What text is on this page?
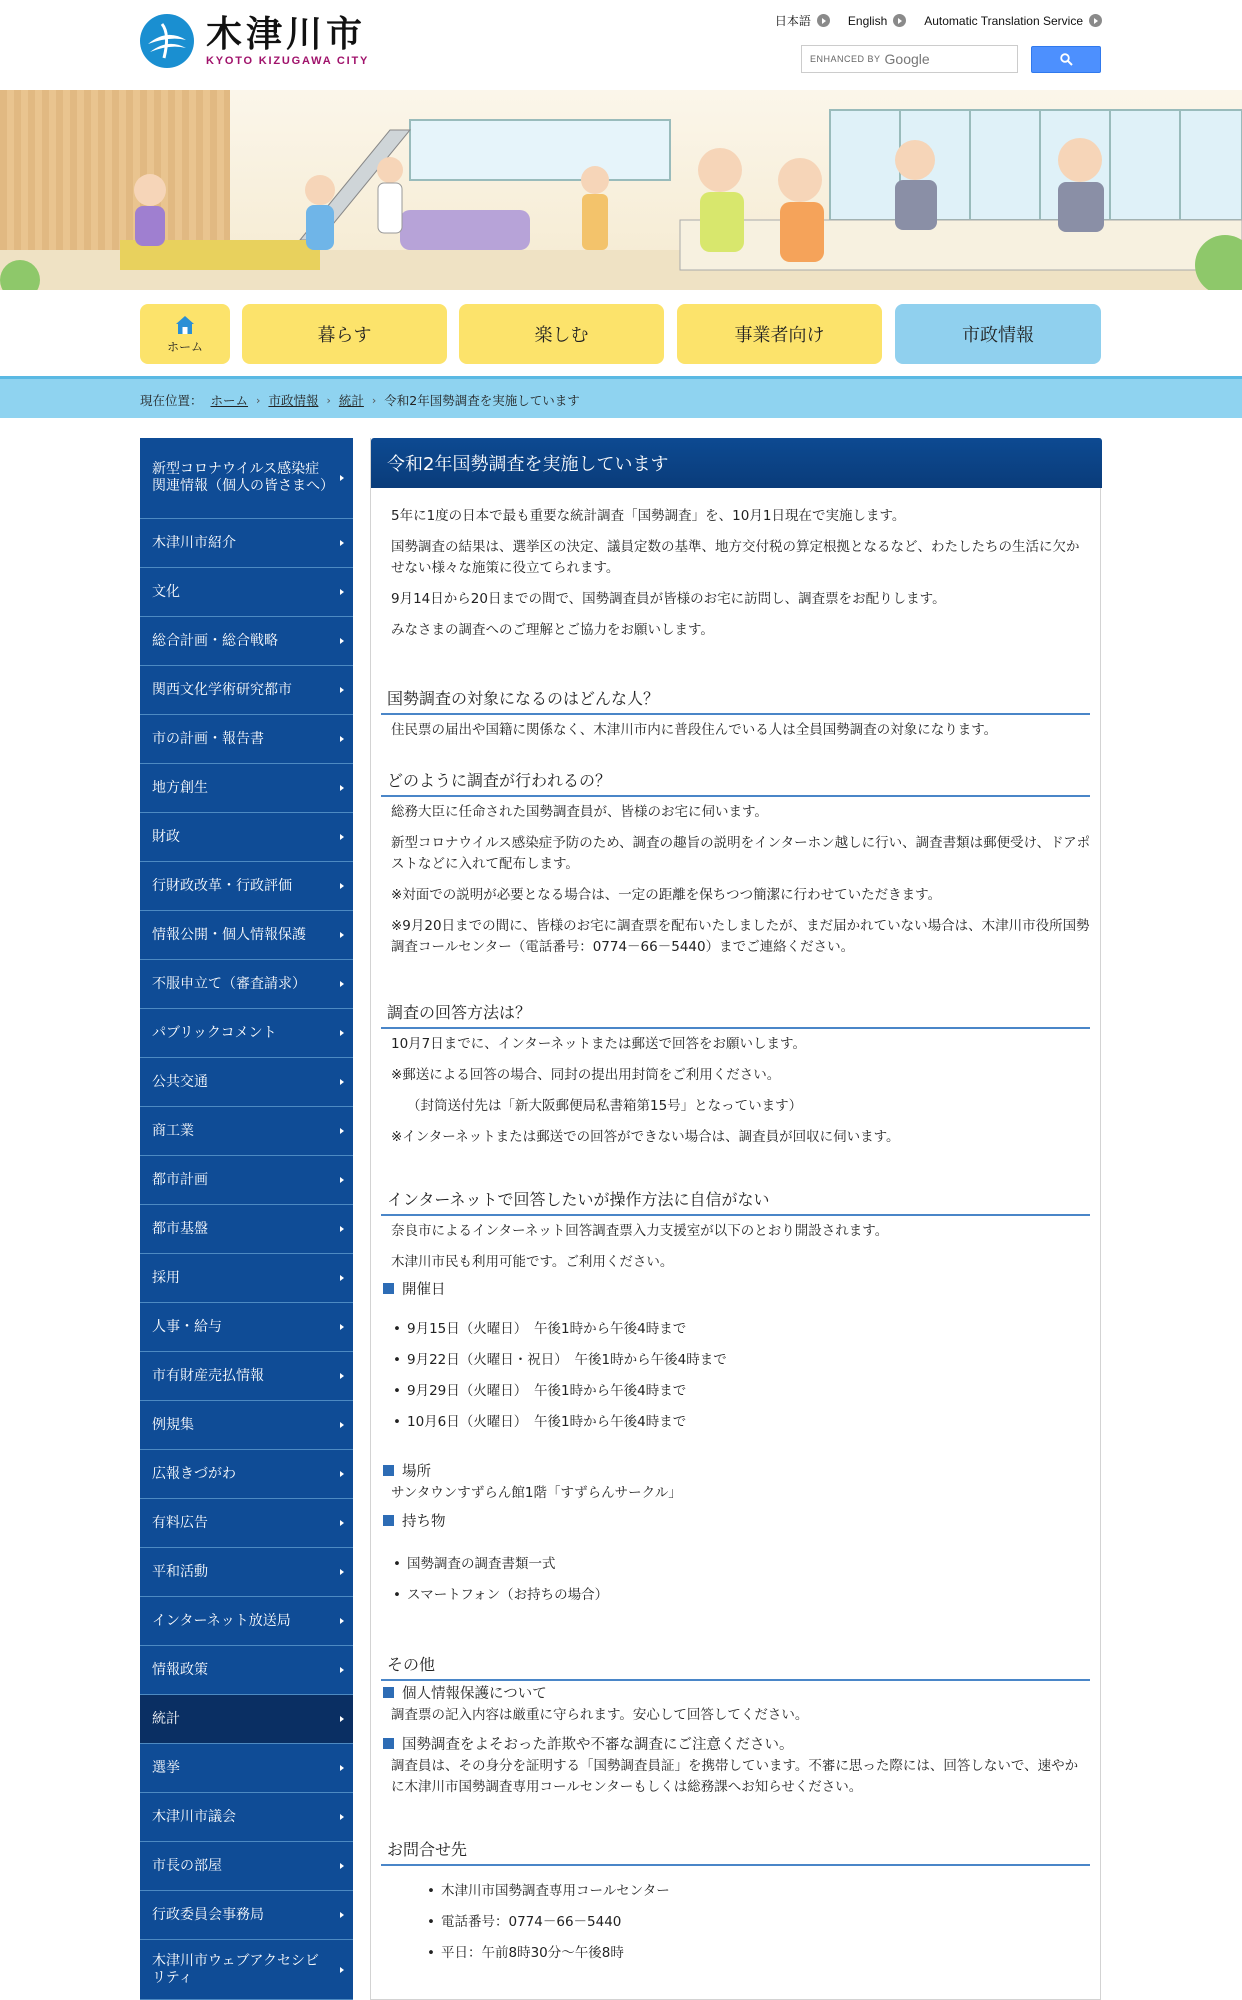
木津川市
KYOTO KIZUGAWA CITY
日本語	English	Automatic Translation Service
ENHANCED BY Google
ホーム
暮らす	楽しむ	事業者向け	市政情報
現在位置： ホーム › 市政情報 › 統計 › 令和2年国勢調査を実施しています
新型コロナウイルス感染症関連情報（個人の皆さまへ）
木津川市紹介
文化
総合計画・総合戦略
関西文化学術研究都市
市の計画・報告書
地方創生
財政
行財政改革・行政評価
情報公開・個人情報保護
不服申立て（審査請求）
パブリックコメント
公共交通
商工業
都市計画
都市基盤
採用
人事・給与
市有財産売払情報
例規集
広報きづがわ
有料広告
平和活動
インターネット放送局
情報政策
統計
選挙
木津川市議会
市長の部屋
行政委員会事務局
木津川市ウェブアクセシビリティ
令和2年国勢調査を実施しています
5年に1度の日本で最も重要な統計調査「国勢調査」を、10月1日現在で実施します。
国勢調査の結果は、選挙区の決定、議員定数の基準、地方交付税の算定根拠となるなど、わたしたちの生活に欠かせない様々な施策に役立てられます。
9月14日から20日までの間で、国勢調査員が皆様のお宅に訪問し、調査票をお配りします。
みなさまの調査へのご理解とご協力をお願いします。
国勢調査の対象になるのはどんな人？
住民票の届出や国籍に関係なく、木津川市内に普段住んでいる人は全員国勢調査の対象になります。
どのように調査が行われるの？
総務大臣に任命された国勢調査員が、皆様のお宅に伺います。
新型コロナウイルス感染症予防のため、調査の趣旨の説明をインターホン越しに行い、調査書類は郵便受け、ドアポストなどに入れて配布します。
※対面での説明が必要となる場合は、一定の距離を保ちつつ簡潔に行わせていただきます。
※9月20日までの間に、皆様のお宅に調査票を配布いたしましたが、まだ届かれていない場合は、木津川市役所国勢調査コールセンター（電話番号：0774－66－5440）までご連絡ください。
調査の回答方法は？
10月7日までに、インターネットまたは郵送で回答をお願いします。
※郵送による回答の場合、同封の提出用封筒をご利用ください。
（封筒送付先は「新大阪郵便局私書箱第15号」となっています）
※インターネットまたは郵送での回答ができない場合は、調査員が回収に伺います。
インターネットで回答したいが操作方法に自信がない
奈良市によるインターネット回答調査票入力支援室が以下のとおり開設されます。
木津川市民も利用可能です。ご利用ください。
開催日
• 9月15日（火曜日）　午後1時から午後4時まで
• 9月22日（火曜日・祝日）　午後1時から午後4時まで
• 9月29日（火曜日）　午後1時から午後4時まで
• 10月6日（火曜日）　午後1時から午後4時まで
場所
サンタウンすずらん館1階「すずらんサークル」
持ち物
• 国勢調査の調査書類一式
• スマートフォン（お持ちの場合）
その他
個人情報保護について
調査票の記入内容は厳重に守られます。安心して回答してください。
国勢調査をよそおった詐欺や不審な調査にご注意ください。
調査員は、その身分を証明する「国勢調査員証」を携帯しています。不審に思った際には、回答しないで、速やかに木津川市国勢調査専用コールセンターもしくは総務課へお知らせください。
お問合せ先
• 木津川市国勢調査専用コールセンター
• 電話番号：0774－66－5440
• 平日：午前8時30分～午後8時
